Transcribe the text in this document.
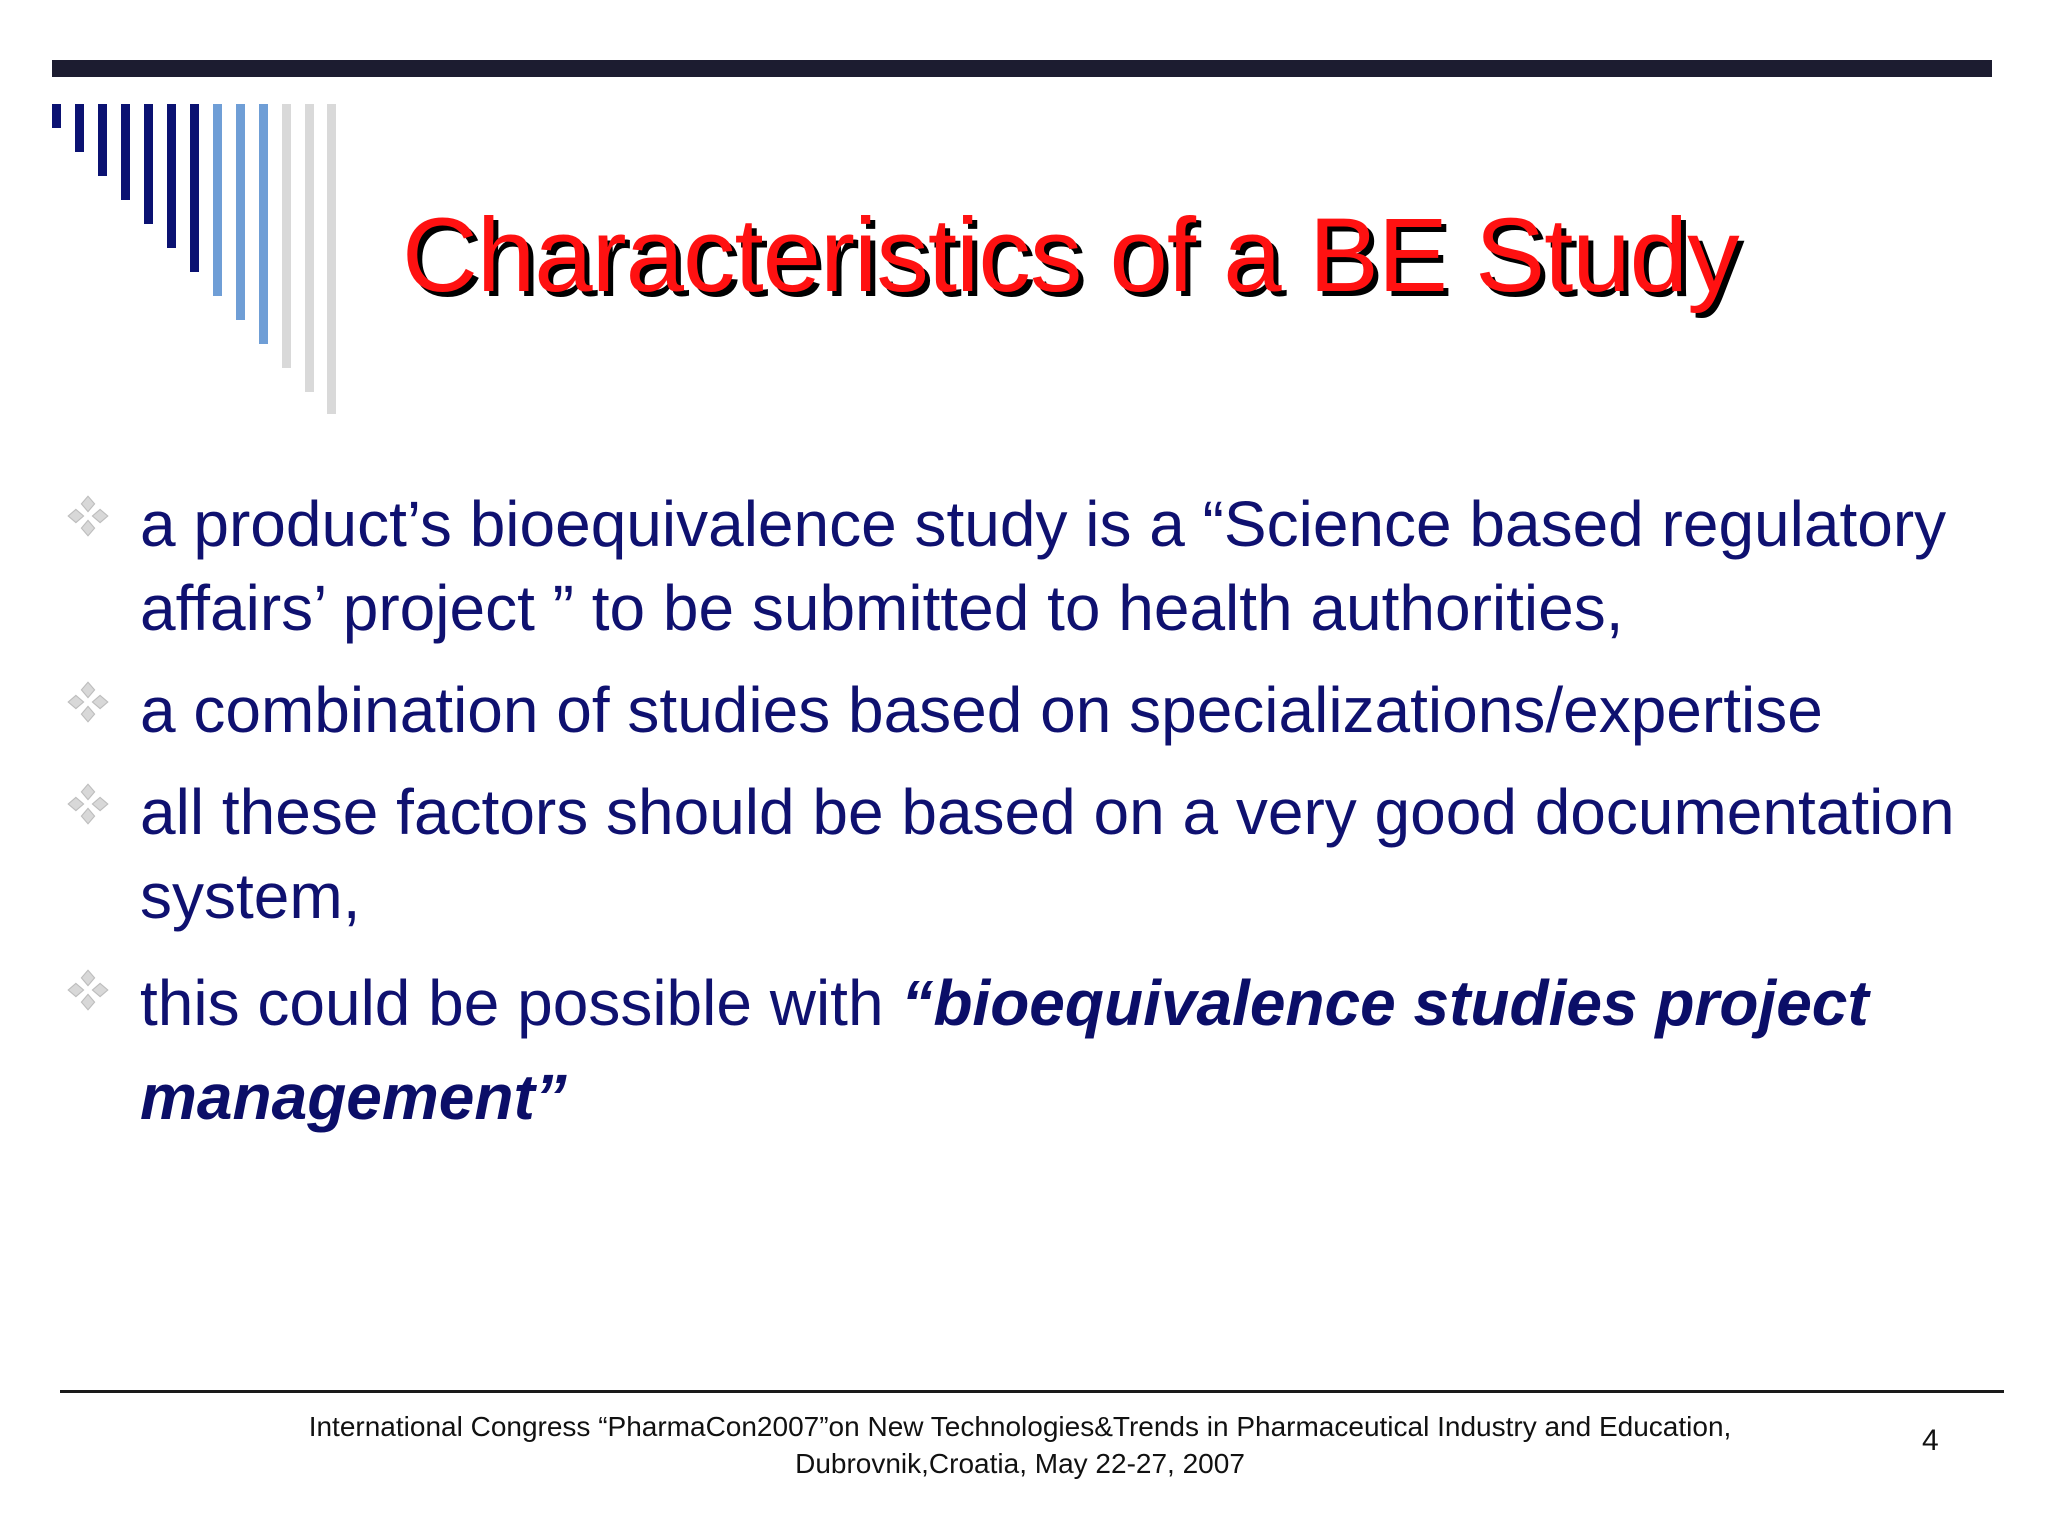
Characteristics of a BE Study
a product’s bioequivalence study is a “Science based regulatory affairs’ project ” to be submitted to health authorities,
a combination of studies based on specializations/expertise
all these factors should be based on a very good documentation system,
this could be possible with “bioequivalence studies project management”
International Congress “PharmaCon2007”on New Technologies&Trends in Pharmaceutical Industry and Education,
Dubrovnik,Croatia, May 22-27, 2007
4
